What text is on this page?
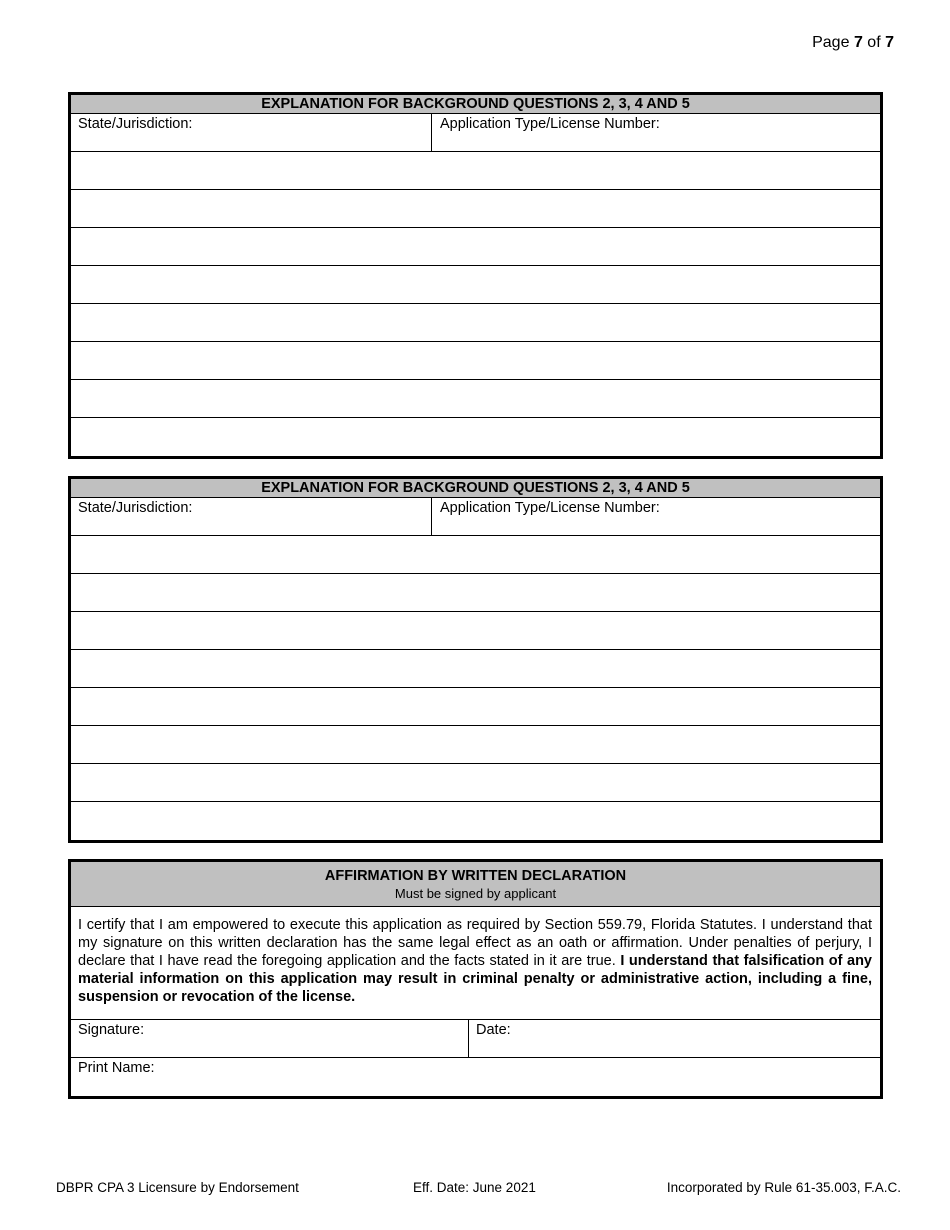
Page 7 of 7
EXPLANATION FOR BACKGROUND QUESTIONS 2, 3, 4 AND 5
State/Jurisdiction:	Application Type/License Number:
EXPLANATION FOR BACKGROUND QUESTIONS 2, 3, 4 AND 5
State/Jurisdiction:	Application Type/License Number:
AFFIRMATION BY WRITTEN DECLARATION
Must be signed by applicant
I certify that I am empowered to execute this application as required by Section 559.79, Florida Statutes. I understand that my signature on this written declaration has the same legal effect as an oath or affirmation. Under penalties of perjury, I declare that I have read the foregoing application and the facts stated in it are true. I understand that falsification of any material information on this application may result in criminal penalty or administrative action, including a fine, suspension or revocation of the license.
Signature:	Date:
Print Name:
DBPR CPA 3 Licensure by Endorsement	Eff. Date: June 2021	Incorporated by Rule 61-35.003, F.A.C.
